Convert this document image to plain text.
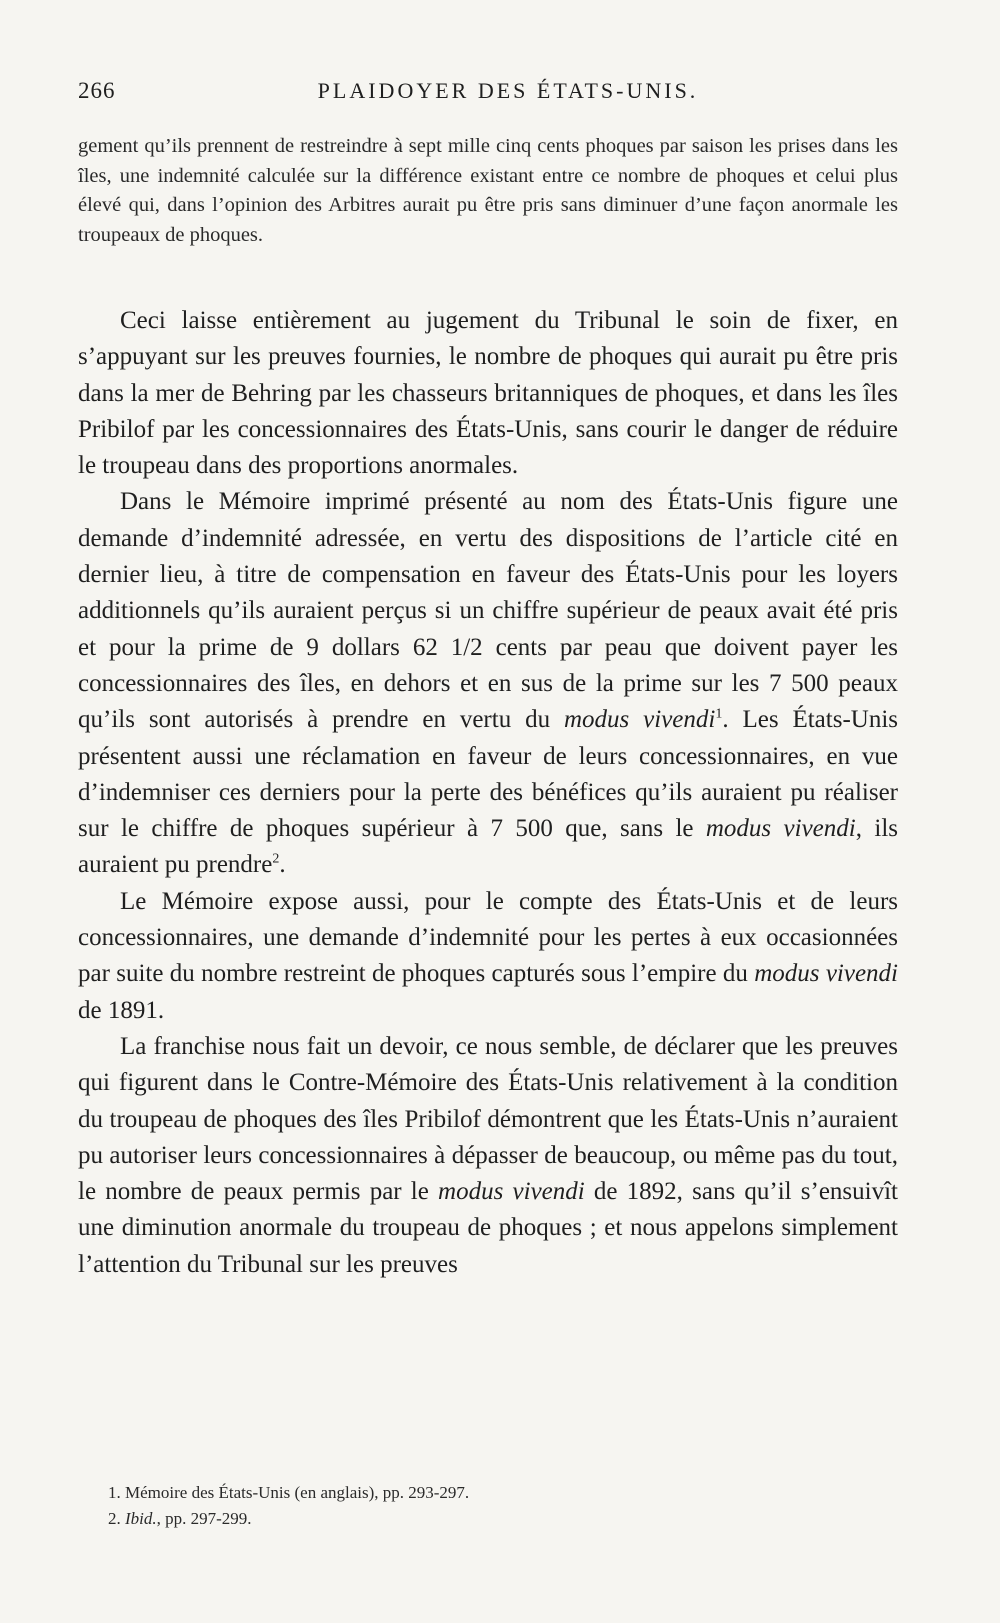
266	PLAIDOYER DES ÉTATS-UNIS.
gement qu’ils prennent de restreindre à sept mille cinq cents phoques par saison les prises dans les îles, une indemnité calculée sur la différence existant entre ce nombre de phoques et celui plus élevé qui, dans l’opinion des Arbitres aurait pu être pris sans diminuer d’une façon anormale les troupeaux de phoques.

Ceci laisse entièrement au jugement du Tribunal le soin de fixer, en s’appuyant sur les preuves fournies, le nombre de phoques qui aurait pu être pris dans la mer de Behring par les chasseurs britanniques de phoques, et dans les îles Pribilof par les concessionnaires des États-Unis, sans courir le danger de réduire le troupeau dans des proportions anormales.

Dans le Mémoire imprimé présenté au nom des États-Unis figure une demande d’indemnité adressée, en vertu des dispositions de l’article cité en dernier lieu, à titre de compensation en faveur des États-Unis pour les loyers additionnels qu’ils auraient perçus si un chiffre supérieur de peaux avait été pris et pour la prime de 9 dollars 62 1/2 cents par peau que doivent payer les concessionnaires des îles, en dehors et en sus de la prime sur les 7 500 peaux qu’ils sont autorisés à prendre en vertu du modus vivendi$^1$. Les États-Unis présentent aussi une réclamation en faveur de leurs concessionnaires, en vue d’indemniser ces derniers pour la perte des bénéfices qu’ils auraient pu réaliser sur le chiffre de phoques supérieur à 7 500 que, sans le modus vivendi, ils auraient pu prendre$^2$.

Le Mémoire expose aussi, pour le compte des États-Unis et de leurs concessionnaires, une demande d’indemnité pour les pertes à eux occasionnées par suite du nombre restreint de phoques capturés sous l’empire du modus vivendi de 1891.

La franchise nous fait un devoir, ce nous semble, de déclarer que les preuves qui figurent dans le Contre-Mémoire des États-Unis relativement à la condition du troupeau de phoques des îles Pribilof démontrent que les États-Unis n’auraient pu autoriser leurs concessionnaires à dépasser de beaucoup, ou même pas du tout, le nombre de peaux permis par le modus vivendi de 1892, sans qu’il s’ensuivît une diminution anormale du troupeau de phoques ; et nous appelons simplement l’attention du Tribunal sur les preuves

1. Mémoire des États-Unis (en anglais), pp. 293-297.
2. Ibid., pp. 297-299.
